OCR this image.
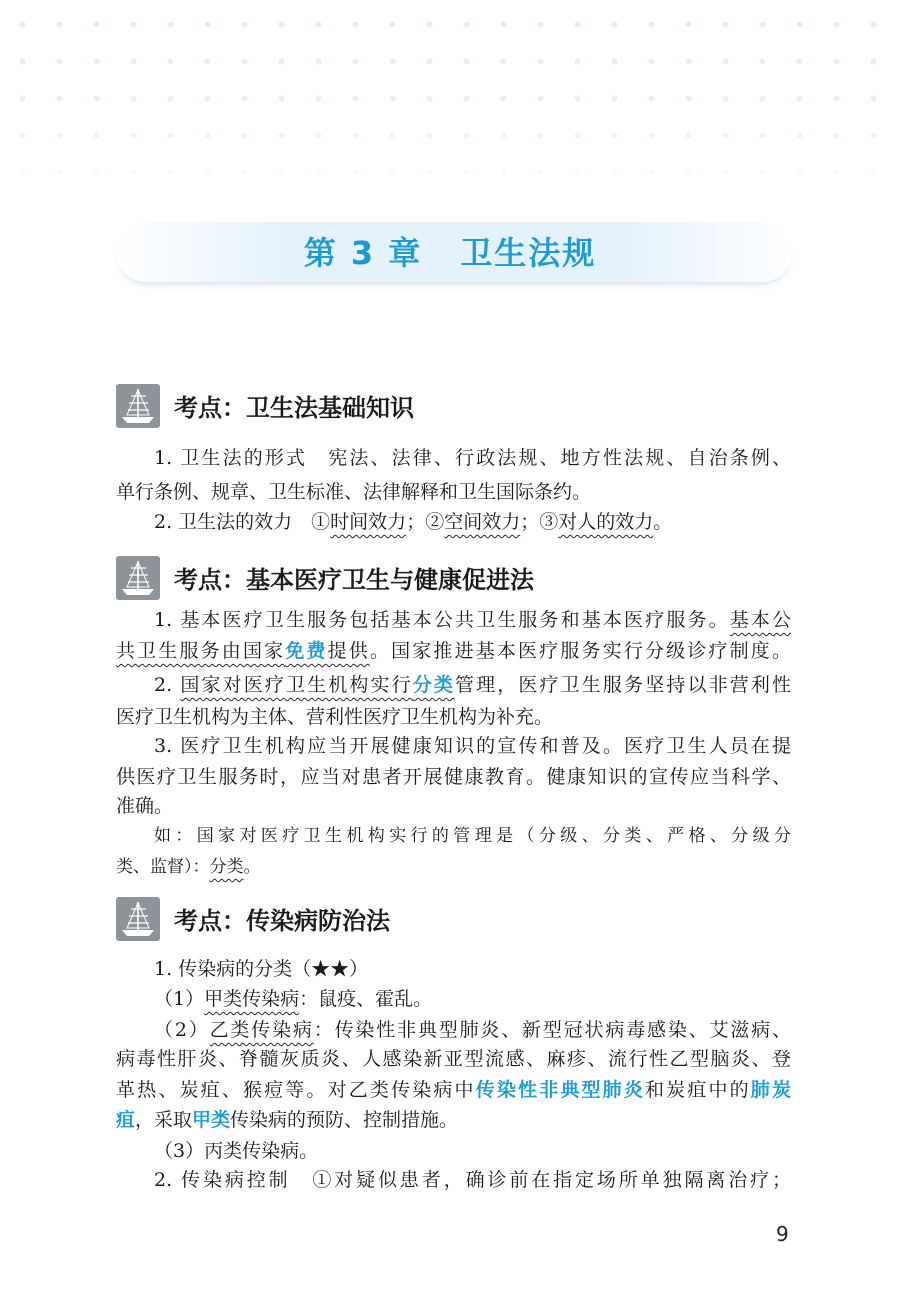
第 3 章 卫生法规
考点：卫生法基础知识
1. 卫生法的形式　宪法、法律、行政法规、地方性法规、自治条例、
单行条例、规章、卫生标准、法律解释和卫生国际条约。
2. 卫生法的效力　①时间效力；②空间效力；③对人的效力。
考点：基本医疗卫生与健康促进法
1. 基本医疗卫生服务包括基本公共卫生服务和基本医疗服务。基本公
共卫生服务由国家免费提供。国家推进基本医疗服务实行分级诊疗制度。
2. 国家对医疗卫生机构实行分类管理，医疗卫生服务坚持以非营利性
医疗卫生机构为主体、营利性医疗卫生机构为补充。
3. 医疗卫生机构应当开展健康知识的宣传和普及。医疗卫生人员在提
供医疗卫生服务时，应当对患者开展健康教育。健康知识的宣传应当科学、
准确。
如：国家对医疗卫生机构实行的管理是（分级、分类、严格、分级分
类、监督）：分类。
考点：传染病防治法
1. 传染病的分类（★★）
（1）甲类传染病：鼠疫、霍乱。
（2）乙类传染病：传染性非典型肺炎、新型冠状病毒感染、艾滋病、
病毒性肝炎、脊髓灰质炎、人感染新亚型流感、麻疹、流行性乙型脑炎、登
革热、炭疽、猴痘等。对乙类传染病中传染性非典型肺炎和炭疽中的肺炭
疽，采取甲类传染病的预防、控制措施。
（3）丙类传染病。
2. 传染病控制　①对疑似患者，确诊前在指定场所单独隔离治疗；
9
